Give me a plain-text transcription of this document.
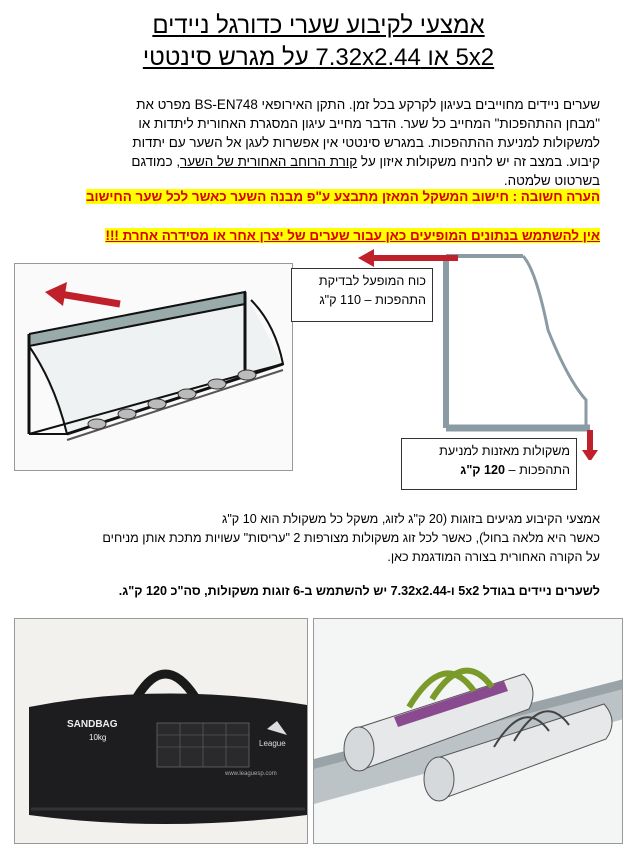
אמצעי לקיבוע שערי כדורגל ניידים
5x2 או 7.32x2.44 על מגרש סינטטי
שערים ניידים מחוייבים בעיגון לקרקע בכל זמן. התקן האירופאי BS-EN748 מפרט את
"מבחן ההתהפכות" המחייב כל שער. הדבר מחייב עיגון המסגרת האחורית ליתדות או
למשקולות למניעת ההתהפכות. במגרש סינטטי אין אפשרות לעגן אל השער עם יתדות
קיבוע. במצב זה יש להניח משקולות איזון על קורת הרוחב האחורית של השער, כמודגם
בשרטוט שלמטה.
הערה חשובה : חישוב המשקל המאזן מתבצע ע"פ מבנה השער כאשר לכל שער החישוב
אין להשתמש בנתונים המופיעים כאן עבור שערים של יצרן אחר או מסידרה אחרת !!!
כוח המופעל לבדיקת
התהפכות – 110 ק"ג
משקולות מאזנות למניעת
התהפכות – 120 ק"ג
אמצעי הקיבוע מגיעים בזוגות (20 ק"ג לזוג, משקל כל משקולת הוא 10 ק"ג
כאשר היא מלאה בחול), כאשר לכל זוג משקולות מצורפות 2 "עריסות" עשויות מתכת אותן מניחים
על הקורה האחורית בצורה המודגמת כאן.
לשערים ניידים בגודל 5x2 ו-7.32x2.44 יש להשתמש ב-6 זוגות משקולות, סה"כ 120 ק"ג.
SANDBAG
10kg
League
www.leaguesp.com
